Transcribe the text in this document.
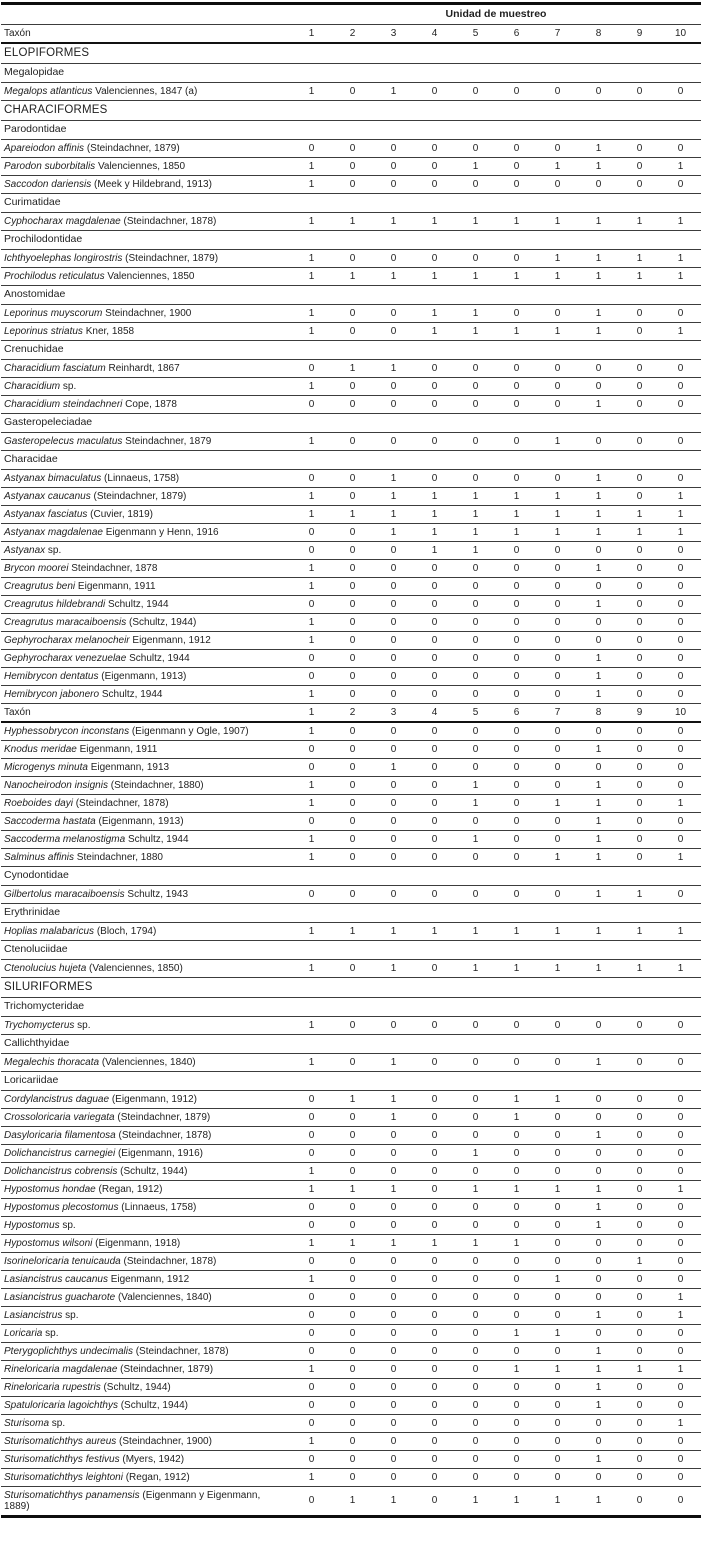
	Unidad de muestreo									
Taxón	1	2	3	4	5	6	7	8	9	10
ELOPIFORMES										
Megalopidae										
Megalops atlanticus Valenciennes, 1847 (a)	1	0	1	0	0	0	0	0	0	0
CHARACIFORMES										
Parodontidae										
Apareiodon affinis (Steindachner, 1879)	0	0	0	0	0	0	0	1	0	0
Parodon suborbitalis Valenciennes, 1850	1	0	0	0	1	0	1	1	0	1
Saccodon dariensis (Meek y Hildebrand, 1913)	1	0	0	0	0	0	0	0	0	0
Curimatidae										
Cyphocharax magdalenae (Steindachner, 1878)	1	1	1	1	1	1	1	1	1	1
Prochilodontidae										
Ichthyoelephas longirostris (Steindachner, 1879)	1	0	0	0	0	0	1	1	1	1
Prochilodus reticulatus Valenciennes, 1850	1	1	1	1	1	1	1	1	1	1
Anostomidae										
Leporinus muyscorum Steindachner, 1900	1	0	0	1	1	0	0	1	0	0
Leporinus striatus Kner, 1858	1	0	0	1	1	1	1	1	0	1
Crenuchidae										
Characidium fasciatum Reinhardt, 1867	0	1	1	0	0	0	0	0	0	0
Characidium sp.	1	0	0	0	0	0	0	0	0	0
Characidium steindachneri Cope, 1878	0	0	0	0	0	0	0	1	0	0
Gasteropeleciadae										
Gasteropelecus maculatus Steindachner, 1879	1	0	0	0	0	0	1	0	0	0
Characidae										
Astyanax bimaculatus (Linnaeus, 1758)	0	0	1	0	0	0	0	1	0	0
Astyanax caucanus (Steindachner, 1879)	1	0	1	1	1	1	1	1	0	1
Astyanax fasciatus (Cuvier, 1819)	1	1	1	1	1	1	1	1	1	1
Astyanax magdalenae Eigenmann y Henn, 1916	0	0	1	1	1	1	1	1	1	1
Astyanax sp.	0	0	0	1	1	0	0	0	0	0
Brycon moorei Steindachner, 1878	1	0	0	0	0	0	0	1	0	0
Creagrutus beni Eigenmann, 1911	1	0	0	0	0	0	0	0	0	0
Creagrutus hildebrandi Schultz, 1944	0	0	0	0	0	0	0	1	0	0
Creagrutus maracaiboensis (Schultz, 1944)	1	0	0	0	0	0	0	0	0	0
Gephyrocharax melanocheir Eigenmann, 1912	1	0	0	0	0	0	0	0	0	0
Gephyrocharax venezuelae Schultz, 1944	0	0	0	0	0	0	0	1	0	0
Hemibrycon dentatus (Eigenmann, 1913)	0	0	0	0	0	0	0	1	0	0
Hemibrycon jabonero Schultz, 1944	1	0	0	0	0	0	0	1	0	0
Taxón	1	2	3	4	5	6	7	8	9	10
Hyphessobrycon inconstans (Eigenmann y Ogle, 1907)	1	0	0	0	0	0	0	0	0	0
Knodus meridae Eigenmann, 1911	0	0	0	0	0	0	0	1	0	0
Microgenys minuta Eigenmann, 1913	0	0	1	0	0	0	0	0	0	0
Nanocheirodon insignis (Steindachner, 1880)	1	0	0	0	1	0	0	1	0	0
Roeboides dayi (Steindachner, 1878)	1	0	0	0	1	0	1	1	0	1
Saccoderma hastata (Eigenmann, 1913)	0	0	0	0	0	0	0	1	0	0
Saccoderma melanostigma Schultz, 1944	1	0	0	0	1	0	0	1	0	0
Salminus affinis Steindachner, 1880	1	0	0	0	0	0	1	1	0	1
Cynodontidae										
Gilbertolus maracaiboensis Schultz, 1943	0	0	0	0	0	0	0	1	1	0
Erythrinidae										
Hoplias malabaricus (Bloch, 1794)	1	1	1	1	1	1	1	1	1	1
Ctenoluciidae										
Ctenolucius hujeta (Valenciennes, 1850)	1	0	1	0	1	1	1	1	1	1
SILURIFORMES										
Trichomycteridae										
Trychomycterus sp.	1	0	0	0	0	0	0	0	0	0
Callichthyidae										
Megalechis thoracata (Valenciennes, 1840)	1	0	1	0	0	0	0	1	0	0
Loricariidae										
Cordylancistrus daguae (Eigenmann, 1912)	0	1	1	0	0	1	1	0	0	0
Crossoloricaria variegata (Steindachner, 1879)	0	0	1	0	0	1	0	0	0	0
Dasyloricaria filamentosa (Steindachner, 1878)	0	0	0	0	0	0	0	1	0	0
Dolichancistrus carnegiei (Eigenmann, 1916)	0	0	0	0	1	0	0	0	0	0
Dolichancistrus cobrensis (Schultz, 1944)	1	0	0	0	0	0	0	0	0	0
Hypostomus hondae (Regan, 1912)	1	1	1	0	1	1	1	1	0	1
Hypostomus plecostomus (Linnaeus, 1758)	0	0	0	0	0	0	0	1	0	0
Hypostomus sp.	0	0	0	0	0	0	0	1	0	0
Hypostomus wilsoni (Eigenmann, 1918)	1	1	1	1	1	1	0	0	0	0
Isorineloricaria tenuicauda (Steindachner, 1878)	0	0	0	0	0	0	0	0	1	0
Lasiancistrus caucanus Eigenmann, 1912	1	0	0	0	0	0	1	0	0	0
Lasiancistrus guacharote (Valenciennes, 1840)	0	0	0	0	0	0	0	0	0	1
Lasiancistrus sp.	0	0	0	0	0	0	0	1	0	1
Loricaria sp.	0	0	0	0	0	1	1	0	0	0
Pterygoplichthys undecimalis (Steindachner, 1878)	0	0	0	0	0	0	0	1	0	0
Rineloricaria magdalenae (Steindachner, 1879)	1	0	0	0	0	1	1	1	1	1
Rineloricaria rupestris (Schultz, 1944)	0	0	0	0	0	0	0	1	0	0
Spatuloricaria lagoichthys (Schultz, 1944)	0	0	0	0	0	0	0	1	0	0
Sturisoma sp.	0	0	0	0	0	0	0	0	0	1
Sturisomatichthys aureus (Steindachner, 1900)	1	0	0	0	0	0	0	0	0	0
Sturisomatichthys festivus (Myers, 1942)	0	0	0	0	0	0	0	1	0	0
Sturisomatichthys leightoni (Regan, 1912)	1	0	0	0	0	0	0	0	0	0
Sturisomatichthys panamensis (Eigenmann y Eigenmann, 1889)	0	1	1	0	1	1	1	1	0	0
